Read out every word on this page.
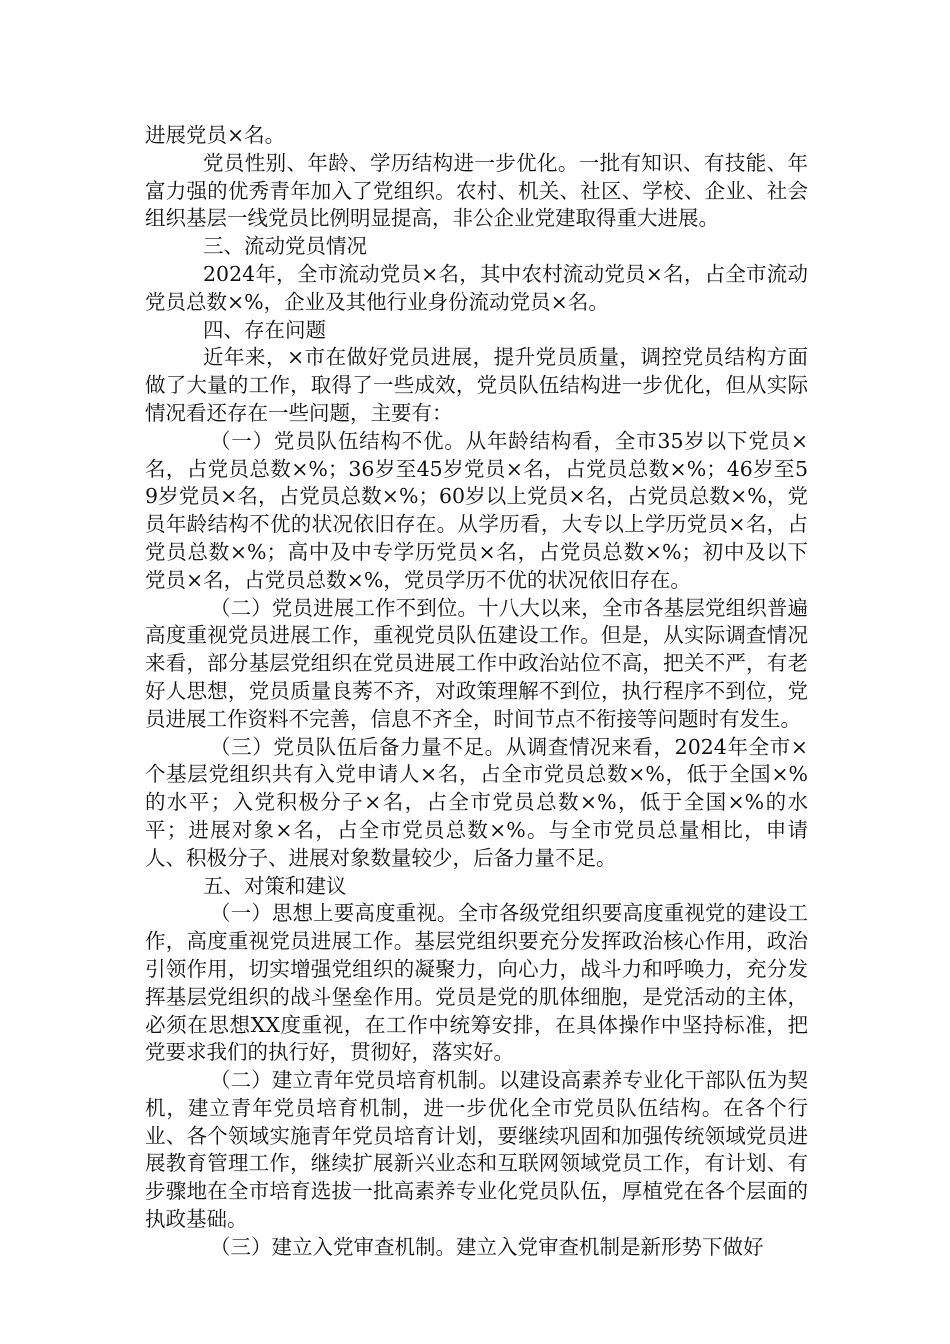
进展党员×名。

党员性别、年龄、学历结构进一步优化。一批有知识、有技能、年富力强的优秀青年加入了党组织。农村、机关、社区、学校、企业、社会组织基层一线党员比例明显提高，非公企业党建取得重大进展。

三、流动党员情况

2024年，全市流动党员×名，其中农村流动党员×名，占全市流动党员总数×%，企业及其他行业身份流动党员×名。

四、存在问题

近年来，×市在做好党员进展，提升党员质量，调控党员结构方面做了大量的工作，取得了一些成效，党员队伍结构进一步优化，但从实际情况看还存在一些问题，主要有：

（一）党员队伍结构不优。从年龄结构看，全市35岁以下党员×名，占党员总数×%；36岁至45岁党员×名，占党员总数×%；46岁至59岁党员×名，占党员总数×%；60岁以上党员×名，占党员总数×%，党员年龄结构不优的状况依旧存在。从学历看，大专以上学历党员×名，占党员总数×%；高中及中专学历党员×名，占党员总数×%；初中及以下党员×名，占党员总数×%，党员学历不优的状况依旧存在。

（二）党员进展工作不到位。十八大以来，全市各基层党组织普遍高度重视党员进展工作，重视党员队伍建设工作。但是，从实际调查情况来看，部分基层党组织在党员进展工作中政治站位不高，把关不严，有老好人思想，党员质量良莠不齐，对政策理解不到位，执行程序不到位，党员进展工作资料不完善，信息不齐全，时间节点不衔接等问题时有发生。

（三）党员队伍后备力量不足。从调查情况来看，2024年全市×个基层党组织共有入党申请人×名，占全市党员总数×%，低于全国×%的水平；入党积极分子×名，占全市党员总数×%，低于全国×%的水平；进展对象×名，占全市党员总数×%。与全市党员总量相比，申请人、积极分子、进展对象数量较少，后备力量不足。

五、对策和建议

（一）思想上要高度重视。全市各级党组织要高度重视党的建设工作，高度重视党员进展工作。基层党组织要充分发挥政治核心作用，政治引领作用，切实增强党组织的凝聚力，向心力，战斗力和呼唤力，充分发挥基层党组织的战斗堡垒作用。党员是党的肌体细胞，是党活动的主体，必须在思想XX度重视，在工作中统筹安排，在具体操作中坚持标准，把党要求我们的执行好，贯彻好，落实好。

（二）建立青年党员培育机制。以建设高素养专业化干部队伍为契机，建立青年党员培育机制，进一步优化全市党员队伍结构。在各个行业、各个领域实施青年党员培育计划，要继续巩固和加强传统领域党员进展教育管理工作，继续扩展新兴业态和互联网领域党员工作，有计划、有步骤地在全市培育选拔一批高素养专业化党员队伍，厚植党在各个层面的执政基础。

（三）建立入党审查机制。建立入党审查机制是新形势下做好
